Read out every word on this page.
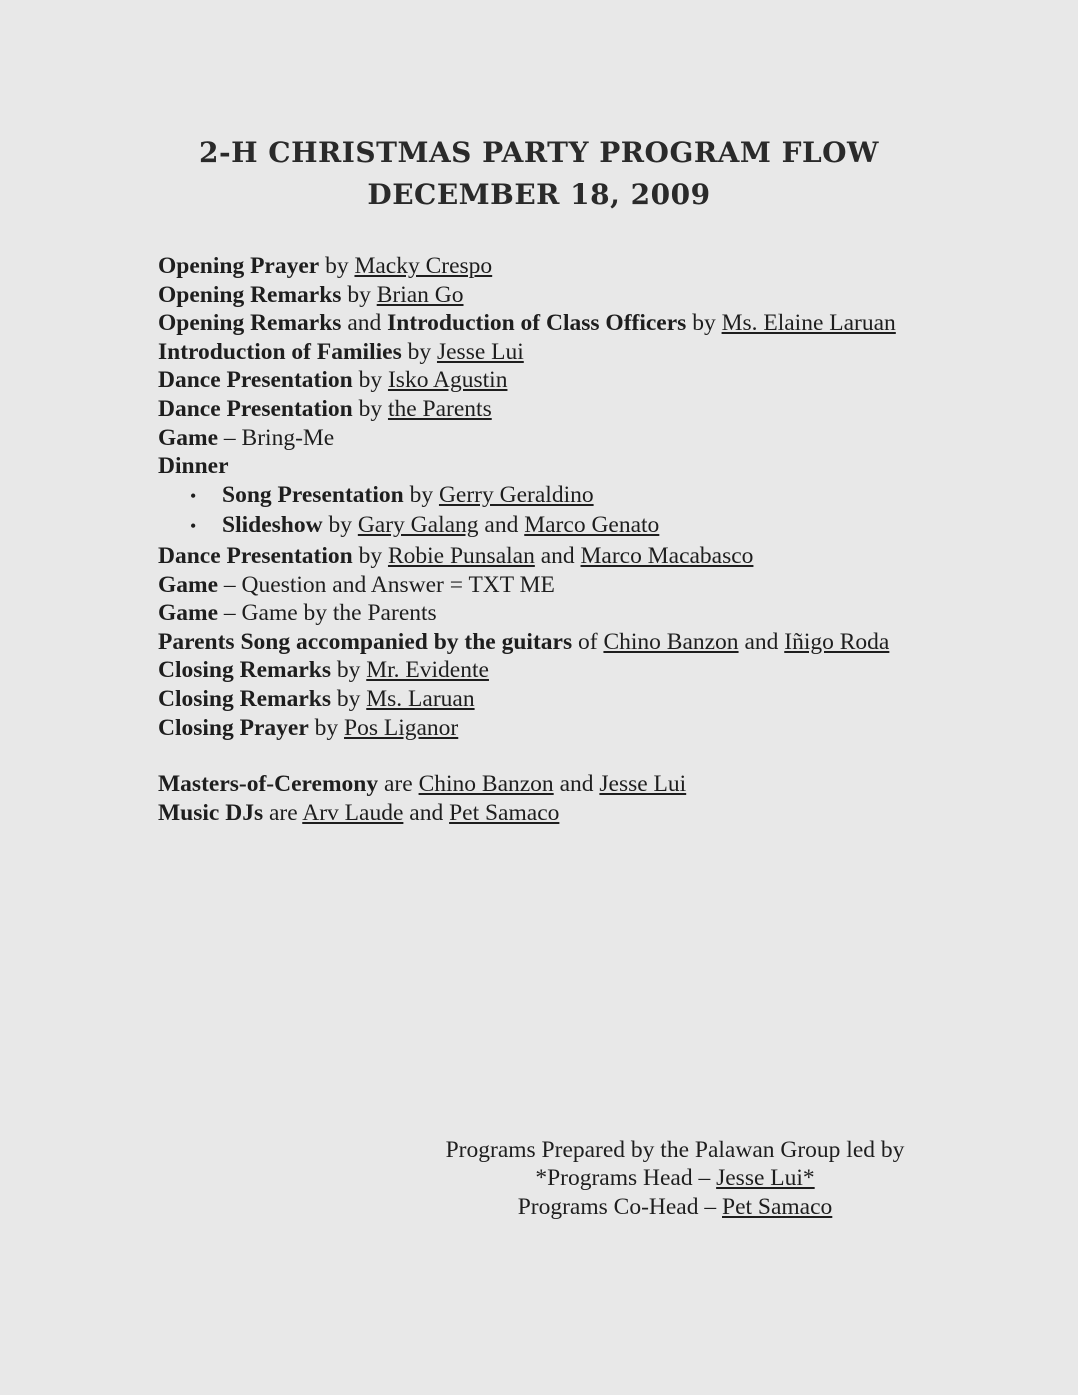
2-H CHRISTMAS PARTY PROGRAM FLOW
DECEMBER 18, 2009
Opening Prayer by Macky Crespo
Opening Remarks by Brian Go
Opening Remarks and Introduction of Class Officers by Ms. Elaine Laruan
Introduction of Families by Jesse Lui
Dance Presentation by Isko Agustin
Dance Presentation by the Parents
Game – Bring-Me
Dinner
• Song Presentation by Gerry Geraldino
• Slideshow by Gary Galang and Marco Genato
Dance Presentation by Robie Punsalan and Marco Macabasco
Game – Question and Answer = TXT ME
Game – Game by the Parents
Parents Song accompanied by the guitars of Chino Banzon and Iñigo Roda
Closing Remarks by Mr. Evidente
Closing Remarks by Ms. Laruan
Closing Prayer by Pos Liganor
Masters-of-Ceremony are Chino Banzon and Jesse Lui
Music DJs are Arv Laude and Pet Samaco
Programs Prepared by the Palawan Group led by
*Programs Head – Jesse Lui*
Programs Co-Head – Pet Samaco
